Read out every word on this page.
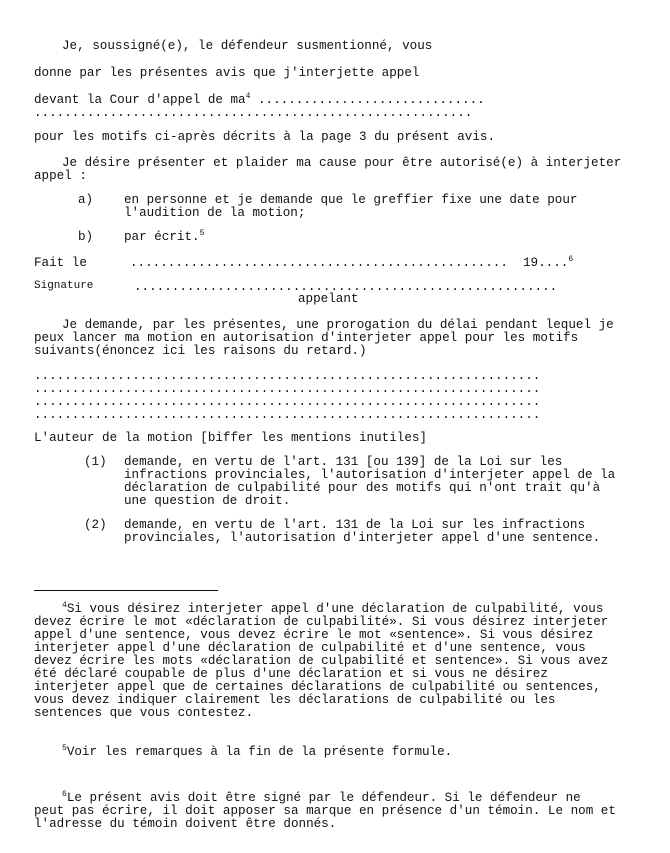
Je, soussigné(e), le défendeur susmentionné, vous
donne par les présentes avis que j'interjette appel
devant la Cour d'appel de $ma^4$ ..............................
..........................................................
pour les motifs ci-après décrits à la page 3 du présent avis.
Je désire présenter et plaider ma cause pour être autorisé(e) à interjeter
appel :
a) en personne et je demande que le greffier fixe une date pour
l'audition de la motion;
b) par écrit.$^5$
Fait le	..................................................  19....$^6$
Signature	........................................................
appelant
Je demande, par les présentes, une prorogation du délai pendant lequel je
peux lancer ma motion en autorisation d'interjeter appel pour les motifs
suivants(énoncez ici les raisons du retard.)
...................................................................
...................................................................
...................................................................
...................................................................
L'auteur de la motion [biffer les mentions inutiles]
(1) demande, en vertu de l'art. 131 [ou 139] de la Loi sur les
infractions provinciales, l'autorisation d'interjeter appel de la
déclaration de culpabilité pour des motifs qui n'ont trait qu'à
une question de droit.
(2) demande, en vertu de l'art. 131 de la Loi sur les infractions
provinciales, l'autorisation d'interjeter appel d'une sentence.
$^4$Si vous désirez interjeter appel d'une déclaration de culpabilité, vous
devez écrire le mot «déclaration de culpabilité». Si vous désirez interjeter
appel d'une sentence, vous devez écrire le mot «sentence». Si vous désirez
interjeter appel d'une déclaration de culpabilité et d'une sentence, vous
devez écrire les mots «déclaration de culpabilité et sentence». Si vous avez
été déclaré coupable de plus d'une déclaration et si vous ne désirez
interjeter appel que de certaines déclarations de culpabilité ou sentences,
vous devez indiquer clairement les déclarations de culpabilité ou les
sentences que vous contestez.
$^5$Voir les remarques à la fin de la présente formule.
$^6$Le présent avis doit être signé par le défendeur. Si le défendeur ne
peut pas écrire, il doit apposer sa marque en présence d'un témoin. Le nom et
l'adresse du témoin doivent être donnés.
